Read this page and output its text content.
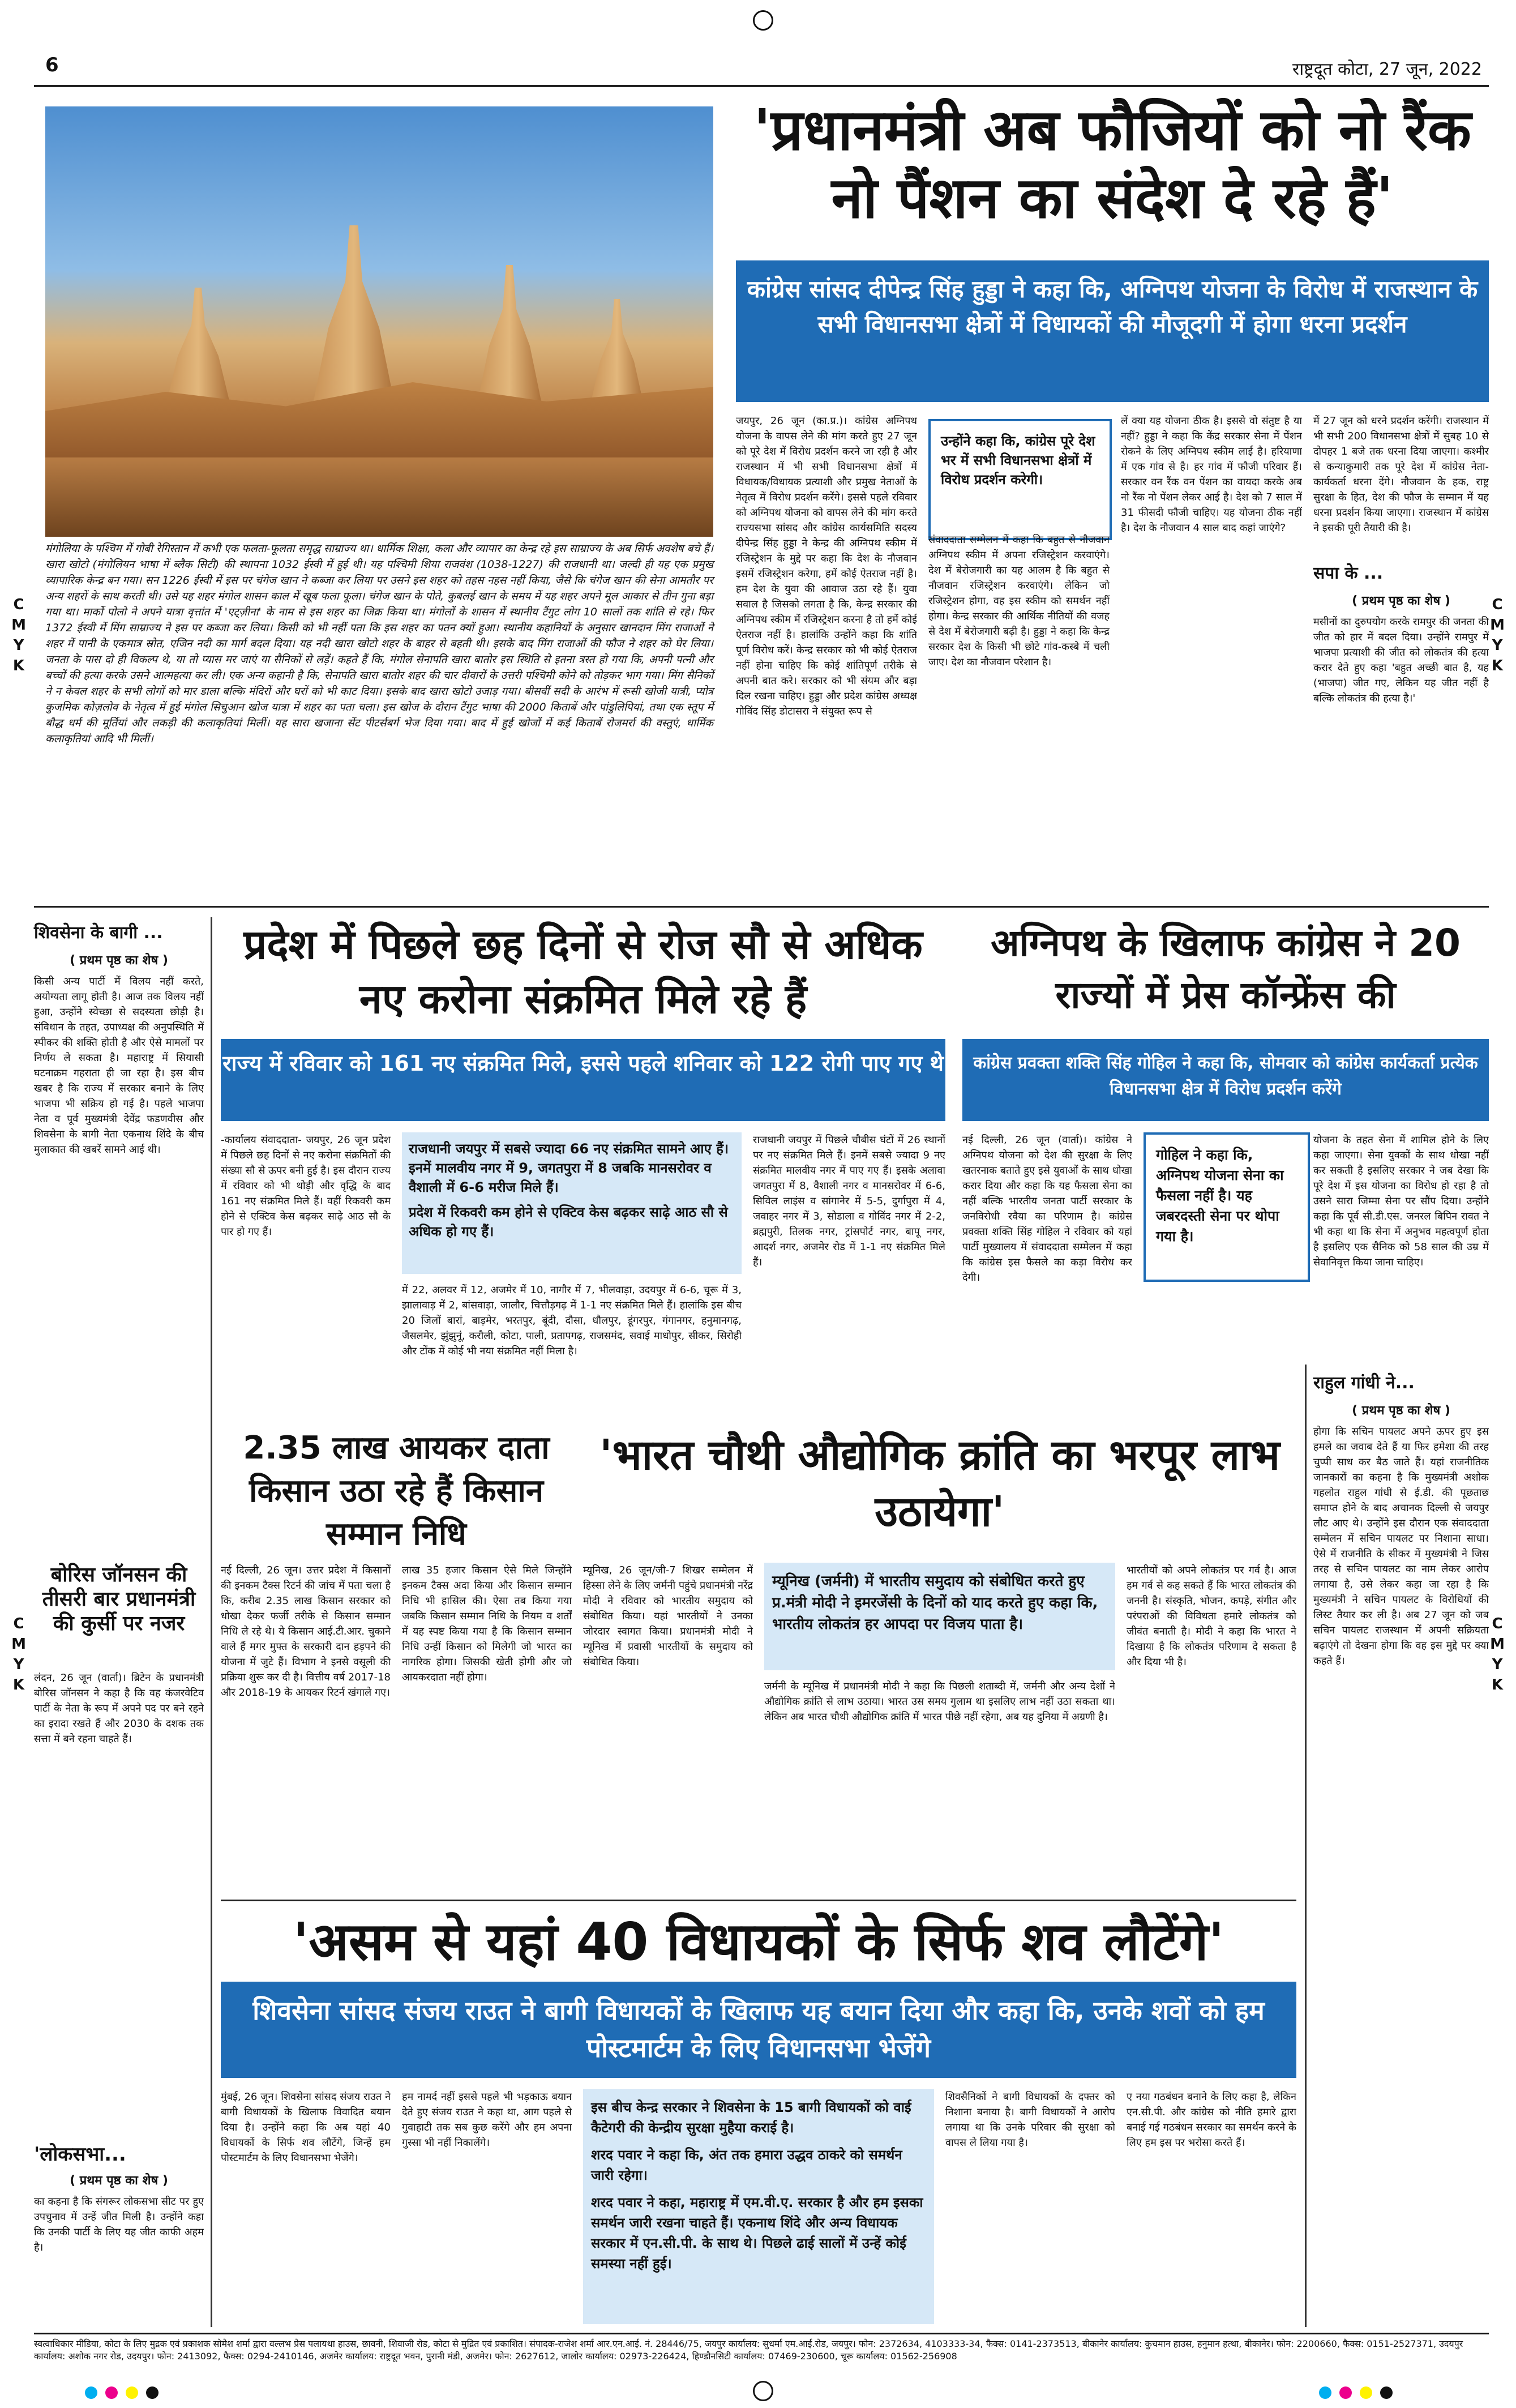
C M Y K
C M Y K
C M Y K
C M Y K
6	राष्ट्रदूत कोटा, 27 जून, 2022
मंगोलिया के पश्चिम में गोबी रेगिस्तान में कभी एक फलता-फूलता समृद्ध साम्राज्य था। धार्मिक शिक्षा, कला और व्यापार का केन्द्र रहे इस साम्राज्य के अब सिर्फ अवशेष बचे हैं। खारा खोटो (मंगोलियन भाषा में ब्लैक सिटी) की स्थापना 1032 ईस्वी में हुई थी। यह पश्चिमी शिया राजवंश (1038-1227) की राजधानी था। जल्दी ही यह एक प्रमुख व्यापारिक केन्द्र बन गया। सन 1226 ईस्वी में इस पर चंगेज खान ने कब्जा कर लिया पर उसने इस शहर को तहस नहस नहीं किया, जैसे कि चंगेज खान की सेना आमतौर पर अन्य शहरों के साथ करती थी। उसे यह शहर मंगोल शासन काल में खूब फला फूला। चंगेज खान के पोते, कुबलई खान के समय में यह शहर अपने मूल आकार से तीन गुना बड़ा गया था। मार्को पोलो ने अपने यात्रा वृत्तांत में 'एट्ज़ीना' के नाम से इस शहर का जिक्र किया था। मंगोलों के शासन में स्थानीय टैंगुट लोग 10 सालों तक शांति से रहे। फिर 1372 ईस्वी में मिंग साम्राज्य ने इस पर कब्जा कर लिया। किसी को भी नहीं पता कि इस शहर का पतन क्यों हुआ। स्थानीय कहानियों के अनुसार खानदान मिंग राजाओं ने शहर में पानी के एकमात्र स्रोत, एजिन नदी का मार्ग बदल दिया। यह नदी खारा खोटो शहर के बाहर से बहती थी। इसके बाद मिंग राजाओं की फौज ने शहर को घेर लिया। जनता के पास दो ही विकल्प थे, या तो प्यास मर जाएं या सैनिकों से लड़ें। कहते हैं कि, मंगोल सेनापति खारा बातोर इस स्थिति से इतना त्रस्त हो गया कि, अपनी पत्नी और बच्चों की हत्या करके उसने आत्महत्या कर ली। एक अन्य कहानी है कि, सेनापति खारा बातोर शहर की चार दीवारों के उत्तरी पश्चिमी कोने को तोड़कर भाग गया। मिंग सैनिकों ने न केवल शहर के सभी लोगों को मार डाला बल्कि मंदिरों और घरों को भी काट दिया। इसके बाद खारा खोटो उजाड़ गया। बीसवीं सदी के आरंभ में रूसी खोजी यात्री, प्योत्र कुजमिक कोज़लोव के नेतृत्व में हुई मंगोल सिचुआन खोज यात्रा में शहर का पता चला। इस खोज के दौरान टैंगुट भाषा की 2000 किताबें और पांडुलिपियां, तथा एक स्तूप में बौद्ध धर्म की मूर्तियां और लकड़ी की कलाकृतियां मिलीं। यह सारा खजाना सेंट पीटर्सबर्ग भेज दिया गया। बाद में हुई खोजों में कई किताबें रोजमर्रा की वस्तुएं, धार्मिक कलाकृतियां आदि भी मिलीं।
'प्रधानमंत्री अब फौजियों को नो रैंक नो पैंशन का संदेश दे रहे हैं'
कांग्रेस सांसद दीपेन्द्र सिंह हुड्डा ने कहा कि, अग्निपथ योजना के विरोध में राजस्थान के सभी विधानसभा क्षेत्रों में विधायकों की मौजूदगी में होगा धरना प्रदर्शन
जयपुर, 26 जून (का.प्र.)। कांग्रेस अग्निपथ योजना के वापस लेने की मांग करते हुए 27 जून को पूरे देश में विरोध प्रदर्शन करने जा रही है और राजस्थान में भी सभी विधानसभा क्षेत्रों में विधायक/विधायक प्रत्याशी और प्रमुख नेताओं के नेतृत्व में विरोध प्रदर्शन करेंगे। इससे पहले रविवार को अग्निपथ योजना को वापस लेने की मांग करते राज्यसभा सांसद और कांग्रेस कार्यसमिति सदस्य दीपेन्द्र सिंह हुड्डा ने केन्द्र की अग्निपथ स्कीम में रजिस्ट्रेशन के मुद्दे पर कहा कि देश के नौजवान इसमें रजिस्ट्रेशन करेगा, हमें कोई ऐतराज नहीं है। हम देश के युवा की आवाज उठा रहे हैं। युवा सवाल है जिसको लगता है कि, केन्द्र सरकार की अग्निपथ स्कीम में रजिस्ट्रेशन करना है तो हमें कोई ऐतराज नहीं है। हालांकि उन्होंने कहा कि शांति पूर्ण विरोध करें। केन्द्र सरकार को भी कोई ऐतराज नहीं होना चाहिए कि कोई शांतिपूर्ण तरीके से अपनी बात करे। सरकार को भी संयम और बड़ा दिल रखना चाहिए। हुड्डा और प्रदेश कांग्रेस अध्यक्ष गोविंद सिंह डोटासरा ने संयुक्त रूप से
उन्होंने कहा कि, कांग्रेस पूरे देश भर में सभी विधानसभा क्षेत्रों में विरोध प्रदर्शन करेगी।
संवाददाता सम्मेलन में कहा कि बहुत से नौजवान अग्निपथ स्कीम में अपना रजिस्ट्रेशन करवाएंगे। देश में बेरोजगारी का यह आलम है कि बहुत से नौजवान रजिस्ट्रेशन करवाएंगे। लेकिन जो रजिस्ट्रेशन होगा, वह इस स्कीम को समर्थन नहीं होगा। केन्द्र सरकार की आर्थिक नीतियों की वजह से देश में बेरोजगारी बढ़ी है। हुड्डा ने कहा कि केन्द्र सरकार देश के किसी भी छोटे गांव-कस्बे में चली जाए। देश का नौजवान परेशान है।
लें क्या यह योजना ठीक है। इससे वो संतुष्ट है या नहीं? हुड्डा ने कहा कि केंद्र सरकार सेना में पेंशन रोकने के लिए अग्निपथ स्कीम लाई है। हरियाणा में एक गांव से है। हर गांव में फौजी परिवार हैं। सरकार वन रैंक वन पेंशन का वायदा करके अब नो रैंक नो पेंशन लेकर आई है। देश को 7 साल में 31 फीसदी फौजी चाहिए। यह योजना ठीक नहीं है। देश के नौजवान 4 साल बाद कहां जाएंगे?
में 27 जून को धरने प्रदर्शन करेंगी। राजस्थान में भी सभी 200 विधानसभा क्षेत्रों में सुबह 10 से दोपहर 1 बजे तक धरना दिया जाएगा। कश्मीर से कन्याकुमारी तक पूरे देश में कांग्रेस नेता-कार्यकर्ता धरना देंगे। नौजवान के हक, राष्ट्र सुरक्षा के हित, देश की फौज के सम्मान में यह धरना प्रदर्शन किया जाएगा। राजस्थान में कांग्रेस ने इसकी पूरी तैयारी की है।
सपा के ...
( प्रथम पृष्ठ का शेष )
मसीनों का दुरुपयोग करके रामपुर की जनता की जीत को हार में बदल दिया। उन्होंने रामपुर में भाजपा प्रत्याशी की जीत को लोकतंत्र की हत्या करार देते हुए कहा 'बहुत अच्छी बात है, यह (भाजपा) जीत गए, लेकिन यह जीत नहीं है बल्कि लोकतंत्र की हत्या है।'
शिवसेना के बागी ...
( प्रथम पृष्ठ का शेष )
किसी अन्य पार्टी में विलय नहीं करते, अयोग्यता लागू होती है। आज तक विलय नहीं हुआ, उन्होंने स्वेच्छा से सदस्यता छोड़ी है। संविधान के तहत, उपाध्यक्ष की अनुपस्थिति में स्पीकर की शक्ति होती है और ऐसे मामलों पर निर्णय ले सकता है। महाराष्ट्र में सियासी घटनाक्रम गहराता ही जा रहा है। इस बीच खबर है कि राज्य में सरकार बनाने के लिए भाजपा भी सक्रिय हो गई है। पहले भाजपा नेता व पूर्व मुख्यमंत्री देवेंद्र फडणवीस और शिवसेना के बागी नेता एकनाथ शिंदे के बीच मुलाकात की खबरें सामने आई थी।
बोरिस जॉनसन की तीसरी बार प्रधानमंत्री की कुर्सी पर नजर
लंदन, 26 जून (वार्ता)। ब्रिटेन के प्रधानमंत्री बोरिस जॉनसन ने कहा है कि वह कंजरवेटिव पार्टी के नेता के रूप में अपने पद पर बने रहने का इरादा रखते हैं और 2030 के दशक तक सत्ता में बने रहना चाहते हैं।
'लोकसभा...
( प्रथम पृष्ठ का शेष )
का कहना है कि संगरूर लोकसभा सीट पर हुए उपचुनाव में उन्हें जीत मिली है। उन्होंने कहा कि उनकी पार्टी के लिए यह जीत काफी अहम है।
प्रदेश में पिछले छह दिनों से रोज सौ से अधिक नए करोना संक्रमित मिले रहे हैं
राज्य में रविवार को 161 नए संक्रमित मिले, इससे पहले शनिवार को 122 रोगी पाए गए थे
-कार्यालय संवाददाता- जयपुर, 26 जून प्रदेश में पिछले छह दिनों से नए करोना संक्रमितों की संख्या सौ से ऊपर बनी हुई है। इस दौरान राज्य में रविवार को भी थोड़ी और वृद्धि के बाद 161 नए संक्रमित मिले हैं। वहीं रिकवरी कम होने से एक्टिव केस बढ़कर साढ़े आठ सौ के पार हो गए हैं।
राजधानी जयपुर में सबसे ज्यादा 66 नए संक्रमित सामने आए हैं। इनमें मालवीय नगर में 9, जगतपुरा में 8 जबकि मानसरोवर व वैशाली में 6-6 मरीज मिले हैं।
प्रदेश में रिकवरी कम होने से एक्टिव केस बढ़कर साढ़े आठ सौ से अधिक हो गए हैं।
में 22, अलवर में 12, अजमेर में 10, नागौर में 7, भीलवाड़ा, उदयपुर में 6-6, चूरू में 3, झालावाड़ में 2, बांसवाड़ा, जालौर, चित्तौड़गढ़ में 1-1 नए संक्रमित मिले हैं। हालांकि इस बीच 20 जिलों बारां, बाड़मेर, भरतपुर, बूंदी, दौसा, धौलपुर, डूंगरपुर, गंगानगर, हनुमानगढ़, जैसलमेर, झुंझुनूं, करौली, कोटा, पाली, प्रतापगढ़, राजसमंद, सवाई माधोपुर, सीकर, सिरोही और टोंक में कोई भी नया संक्रमित नहीं मिला है।
राजधानी जयपुर में पिछले चौबीस घंटों में 26 स्थानों पर नए संक्रमित मिले हैं। इनमें सबसे ज्यादा 9 नए संक्रमित मालवीय नगर में पाए गए हैं। इसके अलावा जगतपुरा में 8, वैशाली नगर व मानसरोवर में 6-6, सिविल लाइंस व सांगानेर में 5-5, दुर्गापुरा में 4, जवाहर नगर में 3, सोडाला व गोविंद नगर में 2-2, ब्रह्मपुरी, तिलक नगर, ट्रांसपोर्ट नगर, बापू नगर, आदर्श नगर, अजमेर रोड में 1-1 नए संक्रमित मिले हैं।
अग्निपथ के खिलाफ कांग्रेस ने 20 राज्यों में प्रेस कॉन्फ्रेंस की
कांग्रेस प्रवक्ता शक्ति सिंह गोहिल ने कहा कि, सोमवार को कांग्रेस कार्यकर्ता प्रत्येक विधानसभा क्षेत्र में विरोध प्रदर्शन करेंगे
नई दिल्ली, 26 जून (वार्ता)। कांग्रेस ने अग्निपथ योजना को देश की सुरक्षा के लिए खतरनाक बताते हुए इसे युवाओं के साथ धोखा करार दिया और कहा कि यह फैसला सेना का नहीं बल्कि भारतीय जनता पार्टी सरकार के जनविरोधी रवैया का परिणाम है। कांग्रेस प्रवक्ता शक्ति सिंह गोहिल ने रविवार को यहां पार्टी मुख्यालय में संवाददाता सम्मेलन में कहा कि कांग्रेस इस फैसले का कड़ा विरोध कर देगी।
गोहिल ने कहा कि, अग्निपथ योजना सेना का फैसला नहीं है। यह जबरदस्ती सेना पर थोपा गया है।
योजना के तहत सेना में शामिल होने के लिए कहा जाएगा। सेना युवकों के साथ धोखा नहीं कर सकती है इसलिए सरकार ने जब देखा कि पूरे देश में इस योजना का विरोध हो रहा है तो उसने सारा जिम्मा सेना पर सौंप दिया। उन्होंने कहा कि पूर्व सी.डी.एस. जनरल बिपिन रावत ने भी कहा था कि सेना में अनुभव महत्वपूर्ण होता है इसलिए एक सैनिक को 58 साल की उम्र में सेवानिवृत्त किया जाना चाहिए।
राहुल गांधी ने...
( प्रथम पृष्ठ का शेष )
होगा कि सचिन पायलट अपने ऊपर हुए इस हमले का जवाब देते हैं या फिर हमेशा की तरह चुप्पी साध कर बैठ जाते हैं। यहां राजनीतिक जानकारों का कहना है कि मुख्यमंत्री अशोक गहलोत राहुल गांधी से ई.डी. की पूछताछ समाप्त होने के बाद अचानक दिल्ली से जयपुर लौट आए थे। उन्होंने इस दौरान एक संवाददाता सम्मेलन में सचिन पायलट पर निशाना साधा। ऐसे में राजनीति के सीकर में मुख्यमंत्री ने जिस तरह से सचिन पायलट का नाम लेकर आरोप लगाया है, उसे लेकर कहा जा रहा है कि मुख्यमंत्री ने सचिन पायलट के विरोधियों की लिस्ट तैयार कर ली है। अब 27 जून को जब सचिन पायलट राजस्थान में अपनी सक्रियता बढ़ाएंगे तो देखना होगा कि वह इस मुद्दे पर क्या कहते हैं।
2.35 लाख आयकर दाता किसान उठा रहे हैं किसान सम्मान निधि
नई दिल्ली, 26 जून। उत्तर प्रदेश में किसानों की इनकम टैक्स रिटर्न की जांच में पता चला है कि, करीब 2.35 लाख किसान सरकार को धोखा देकर फर्जी तरीके से किसान सम्मान निधि ले रहे थे। ये किसान आई.टी.आर. चुकाने वाले हैं मगर मुफ्त के सरकारी दान हड़पने की योजना में जुटे हैं। विभाग ने इनसे वसूली की प्रक्रिया शुरू कर दी है। वित्तीय वर्ष 2017-18 और 2018-19 के आयकर रिटर्न खंगाले गए।
लाख 35 हजार किसान ऐसे मिले जिन्होंने इनकम टैक्स अदा किया और किसान सम्मान निधि भी हासिल की। ऐसा तब किया गया जबकि किसान सम्मान निधि के नियम व शर्तों में यह स्पष्ट किया गया है कि किसान सम्मान निधि उन्हीं किसान को मिलेगी जो भारत का नागरिक होगा। जिसकी खेती होगी और जो आयकरदाता नहीं होगा।
'भारत चौथी औद्योगिक क्रांति का भरपूर लाभ उठायेगा'
म्यूनिख, 26 जून/जी-7 शिखर सम्मेलन में हिस्सा लेने के लिए जर्मनी पहुंचे प्रधानमंत्री नरेंद्र मोदी ने रविवार को भारतीय समुदाय को संबोधित किया। यहां भारतीयों ने उनका जोरदार स्वागत किया। प्रधानमंत्री मोदी ने म्यूनिख में प्रवासी भारतीयों के समुदाय को संबोधित किया।
म्यूनिख (जर्मनी) में भारतीय समुदाय को संबोधित करते हुए प्र.मंत्री मोदी ने इमरजेंसी के दिनों को याद करते हुए कहा कि, भारतीय लोकतंत्र हर आपदा पर विजय पाता है।
जर्मनी के म्यूनिख में प्रधानमंत्री मोदी ने कहा कि पिछली शताब्दी में, जर्मनी और अन्य देशों ने औद्योगिक क्रांति से लाभ उठाया। भारत उस समय गुलाम था इसलिए लाभ नहीं उठा सकता था। लेकिन अब भारत चौथी औद्योगिक क्रांति में भारत पीछे नहीं रहेगा, अब यह दुनिया में अग्रणी है।
भारतीयों को अपने लोकतंत्र पर गर्व है। आज हम गर्व से कह सकते हैं कि भारत लोकतंत्र की जननी है। संस्कृति, भोजन, कपड़े, संगीत और परंपराओं की विविधता हमारे लोकतंत्र को जीवंत बनाती है। मोदी ने कहा कि भारत ने दिखाया है कि लोकतंत्र परिणाम दे सकता है और दिया भी है।
'असम से यहां 40 विधायकों के सिर्फ शव लौटेंगे'
शिवसेना सांसद संजय राउत ने बागी विधायकों के खिलाफ यह बयान दिया और कहा कि, उनके शवों को हम पोस्टमार्टम के लिए विधानसभा भेजेंगे
मुंबई, 26 जून। शिवसेना सांसद संजय राउत ने बागी विधायकों के खिलाफ विवादित बयान दिया है। उन्होंने कहा कि अब यहां 40 विधायकों के सिर्फ शव लौटेंगे, जिन्हें हम पोस्टमार्टम के लिए विधानसभा भेजेंगे।
हम नामर्द नहीं इससे पहले भी भड़काऊ बयान देते हुए संजय राउत ने कहा था, आग पहले से गुवाहाटी तक सब कुछ करेंगे और हम अपना गुस्सा भी नहीं निकालेंगे।
इस बीच केन्द्र सरकार ने शिवसेना के 15 बागी विधायकों को वाई कैटेगरी की केन्द्रीय सुरक्षा मुहैया कराई है।
शरद पवार ने कहा कि, अंत तक हमारा उद्धव ठाकरे को समर्थन जारी रहेगा।
शरद पवार ने कहा, महाराष्ट्र में एम.वी.ए. सरकार है और हम इसका समर्थन जारी रखना चाहते हैं। एकनाथ शिंदे और अन्य विधायक सरकार में एन.सी.पी. के साथ थे। पिछले ढाई सालों में उन्हें कोई समस्या नहीं हुई।
शिवसैनिकों ने बागी विधायकों के दफ्तर को निशाना बनाया है। बागी विधायकों ने आरोप लगाया था कि उनके परिवार की सुरक्षा को वापस ले लिया गया है।
ए नया गठबंधन बनाने के लिए कहा है, लेकिन एन.सी.पी. और कांग्रेस को नीति हमारे द्वारा बनाई गई गठबंधन सरकार का समर्थन करने के लिए हम इस पर भरोसा करते हैं।
स्वत्वाधिकार मीडिया, कोटा के लिए मुद्रक एवं प्रकाशक सोमेश शर्मा द्वारा वल्लभ प्रेस पलायथा हाउस, छावनी, शिवाजी रोड, कोटा से मुद्रित एवं प्रकाशित। संपादक-राजेश शर्मा आर.एन.आई. नं. 28446/75, जयपुर कार्यालय: सुधर्मा एम.आई.रोड, जयपुर। फोन: 2372634, 4103333-34, फैक्स: 0141-2373513, बीकानेर कार्यालय: कुचमान हाउस, हनुमान हत्था, बीकानेर। फोन: 2200660, फैक्स: 0151-2527371, उदयपुर कार्यालय: अशोक नगर रोड, उदयपुर। फोन: 2413092, फैक्स: 0294-2410146, अजमेर कार्यालय: राष्ट्रदूत भवन, पुरानी मंडी, अजमेर। फोन: 2627612, जालोर कार्यालय: 02973-226424, हिण्डौनसिटी कार्यालय: 07469-230600, चूरू कार्यालय: 01562-256908
